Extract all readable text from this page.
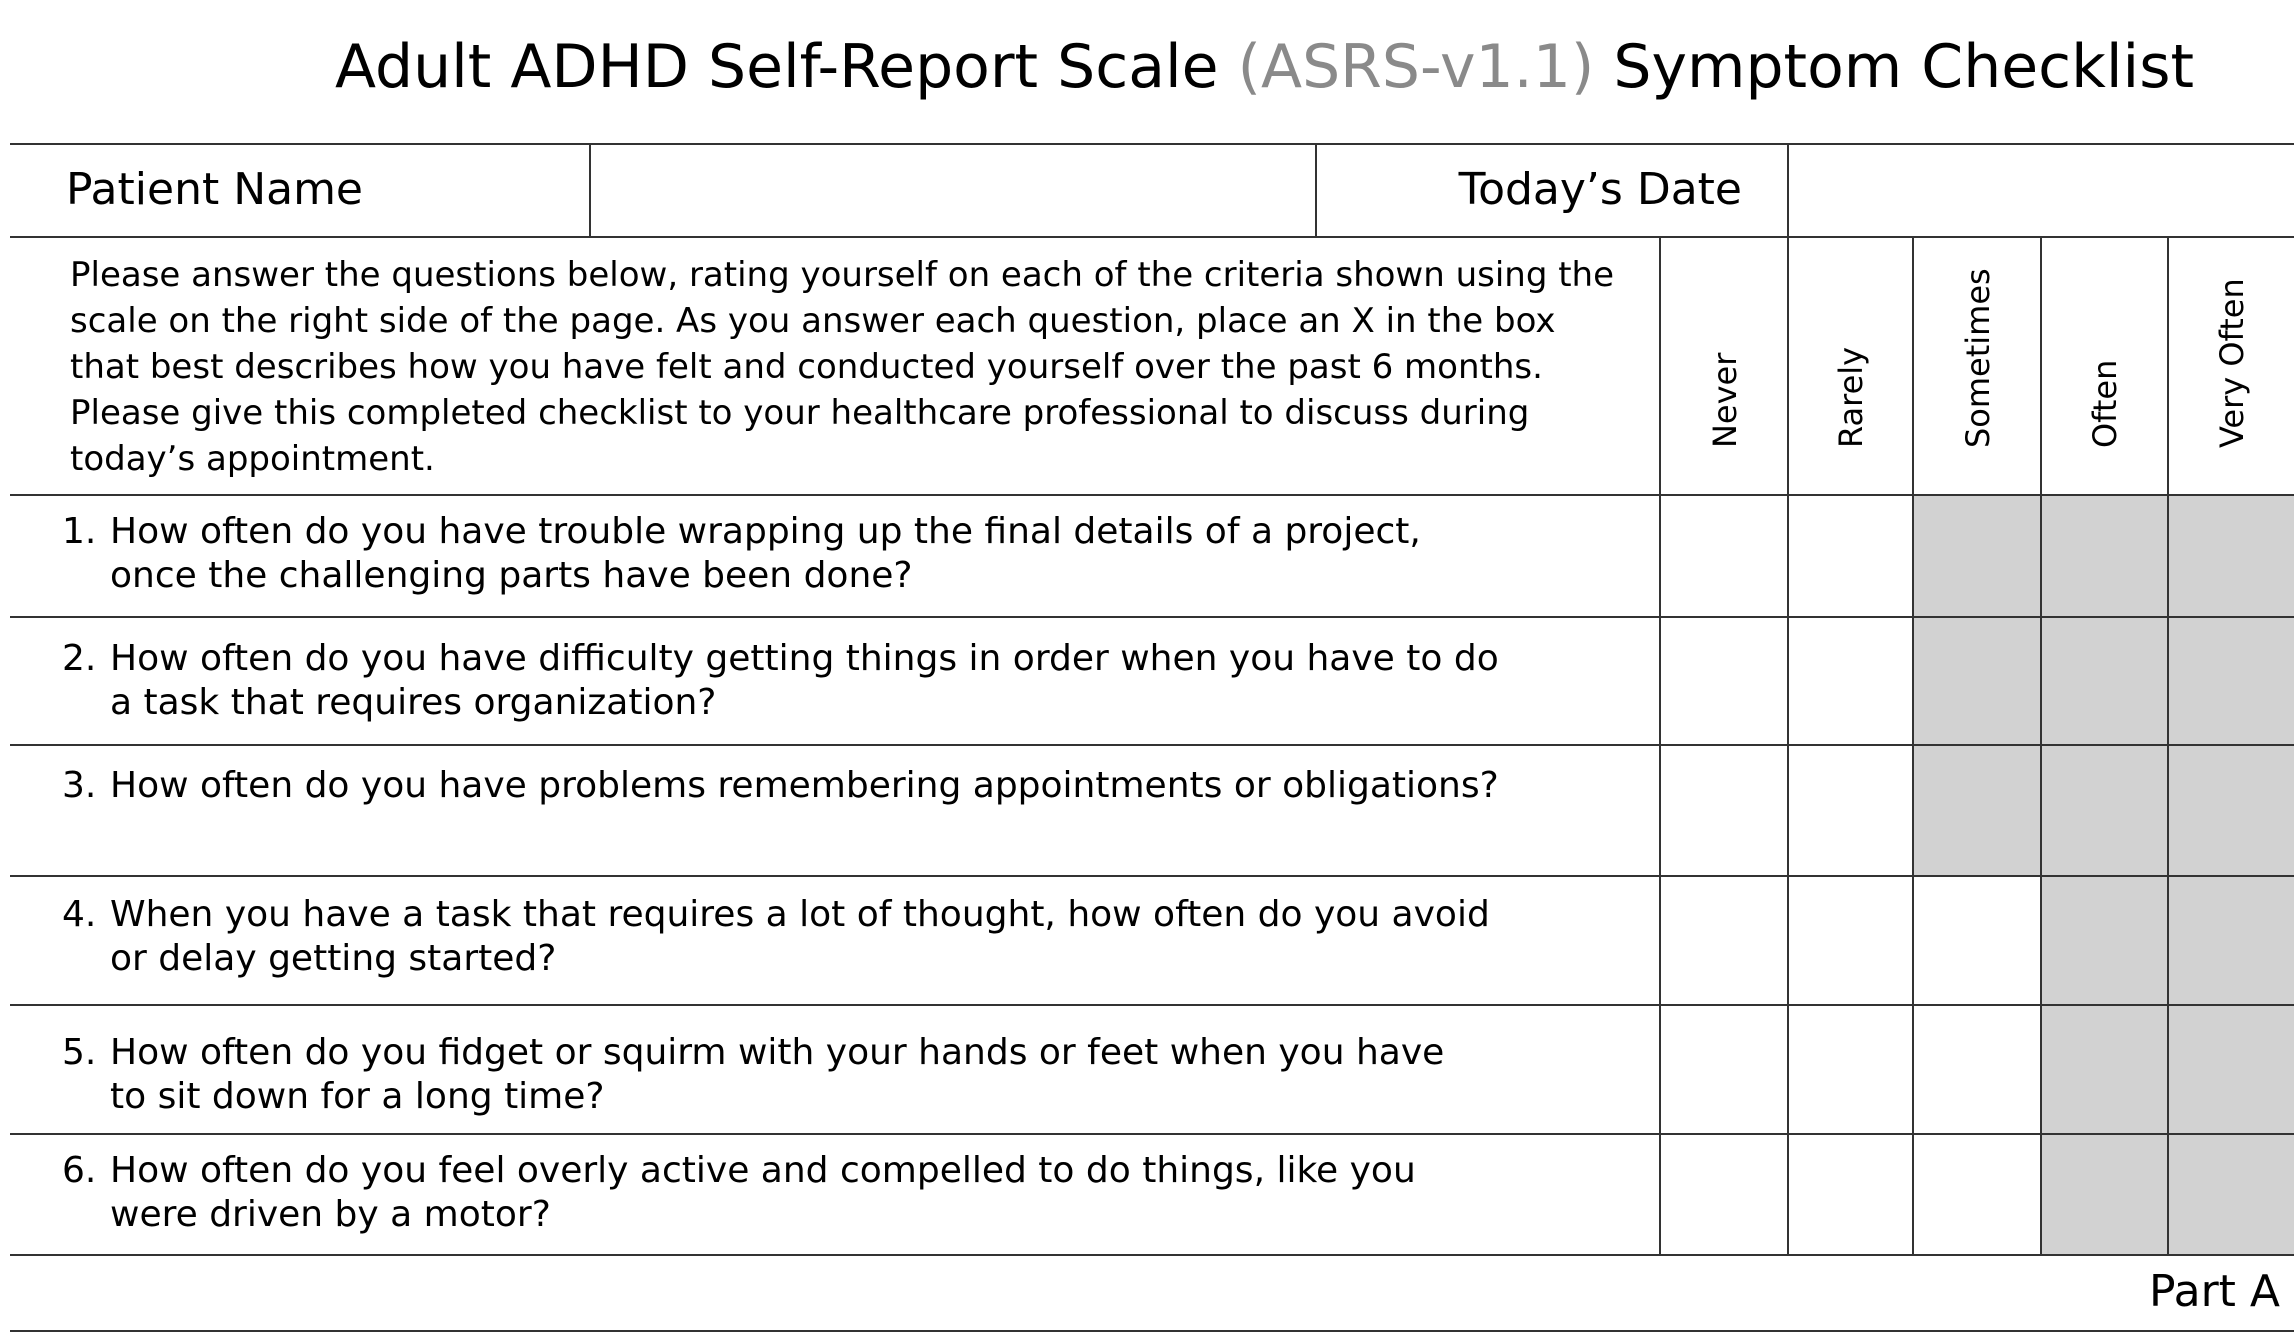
Adult ADHD Self-Report Scale (ASRS-v1.1) Symptom Checklist
Patient Name	Today’s Date
Please answer the questions below, rating yourself on each of the criteria shown using the scale on the right side of the page. As you answer each question, place an X in the box that best describes how you have felt and conducted yourself over the past 6 months. Please give this completed checklist to your healthcare professional to discuss during today’s appointment.
Never	Rarely	Sometimes	Often	Very Often
1. How often do you have trouble wrapping up the final details of a project,
once the challenging parts have been done?
2. How often do you have difficulty getting things in order when you have to do
a task that requires organization?
3. How often do you have problems remembering appointments or obligations?

4. When you have a task that requires a lot of thought, how often do you avoid
or delay getting started?
5. How often do you fidget or squirm with your hands or feet when you have
to sit down for a long time?
6. How often do you feel overly active and compelled to do things, like you
were driven by a motor?
Part A
